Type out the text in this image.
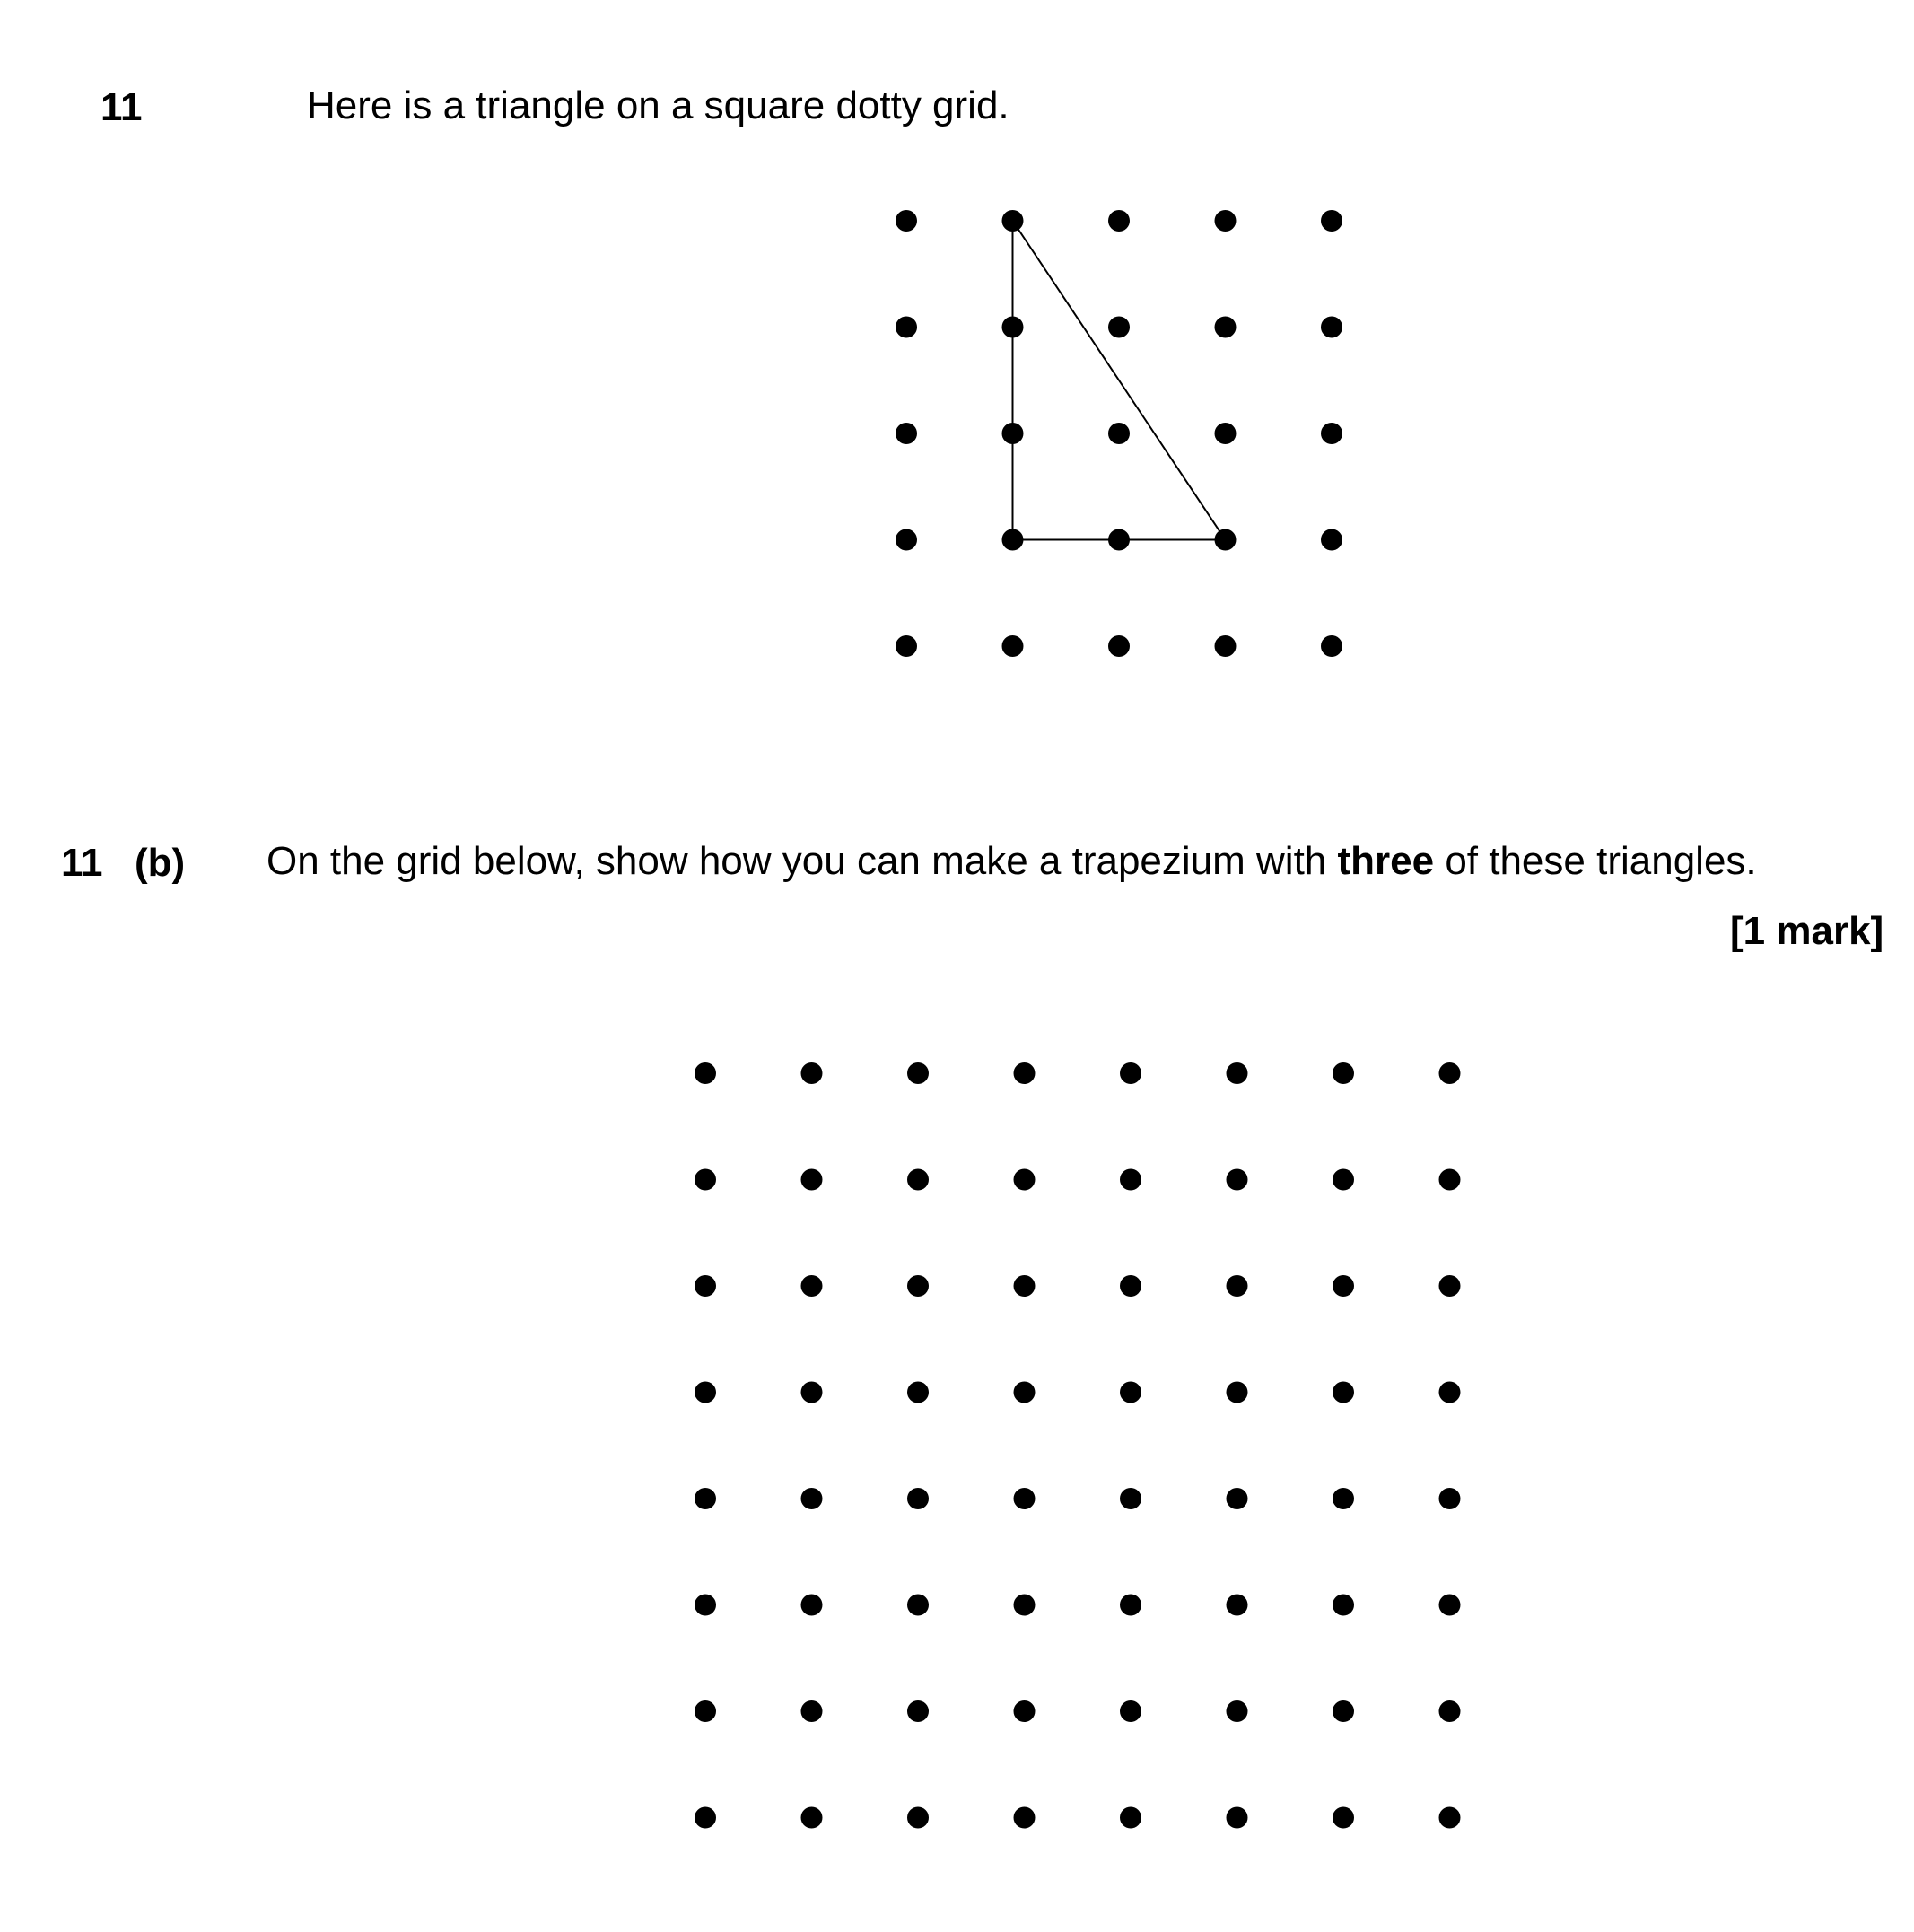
11	Here is a triangle on a square dotty grid.
11 (b) On the grid below, show how you can make a trapezium with three of these triangles.
[1 mark]
